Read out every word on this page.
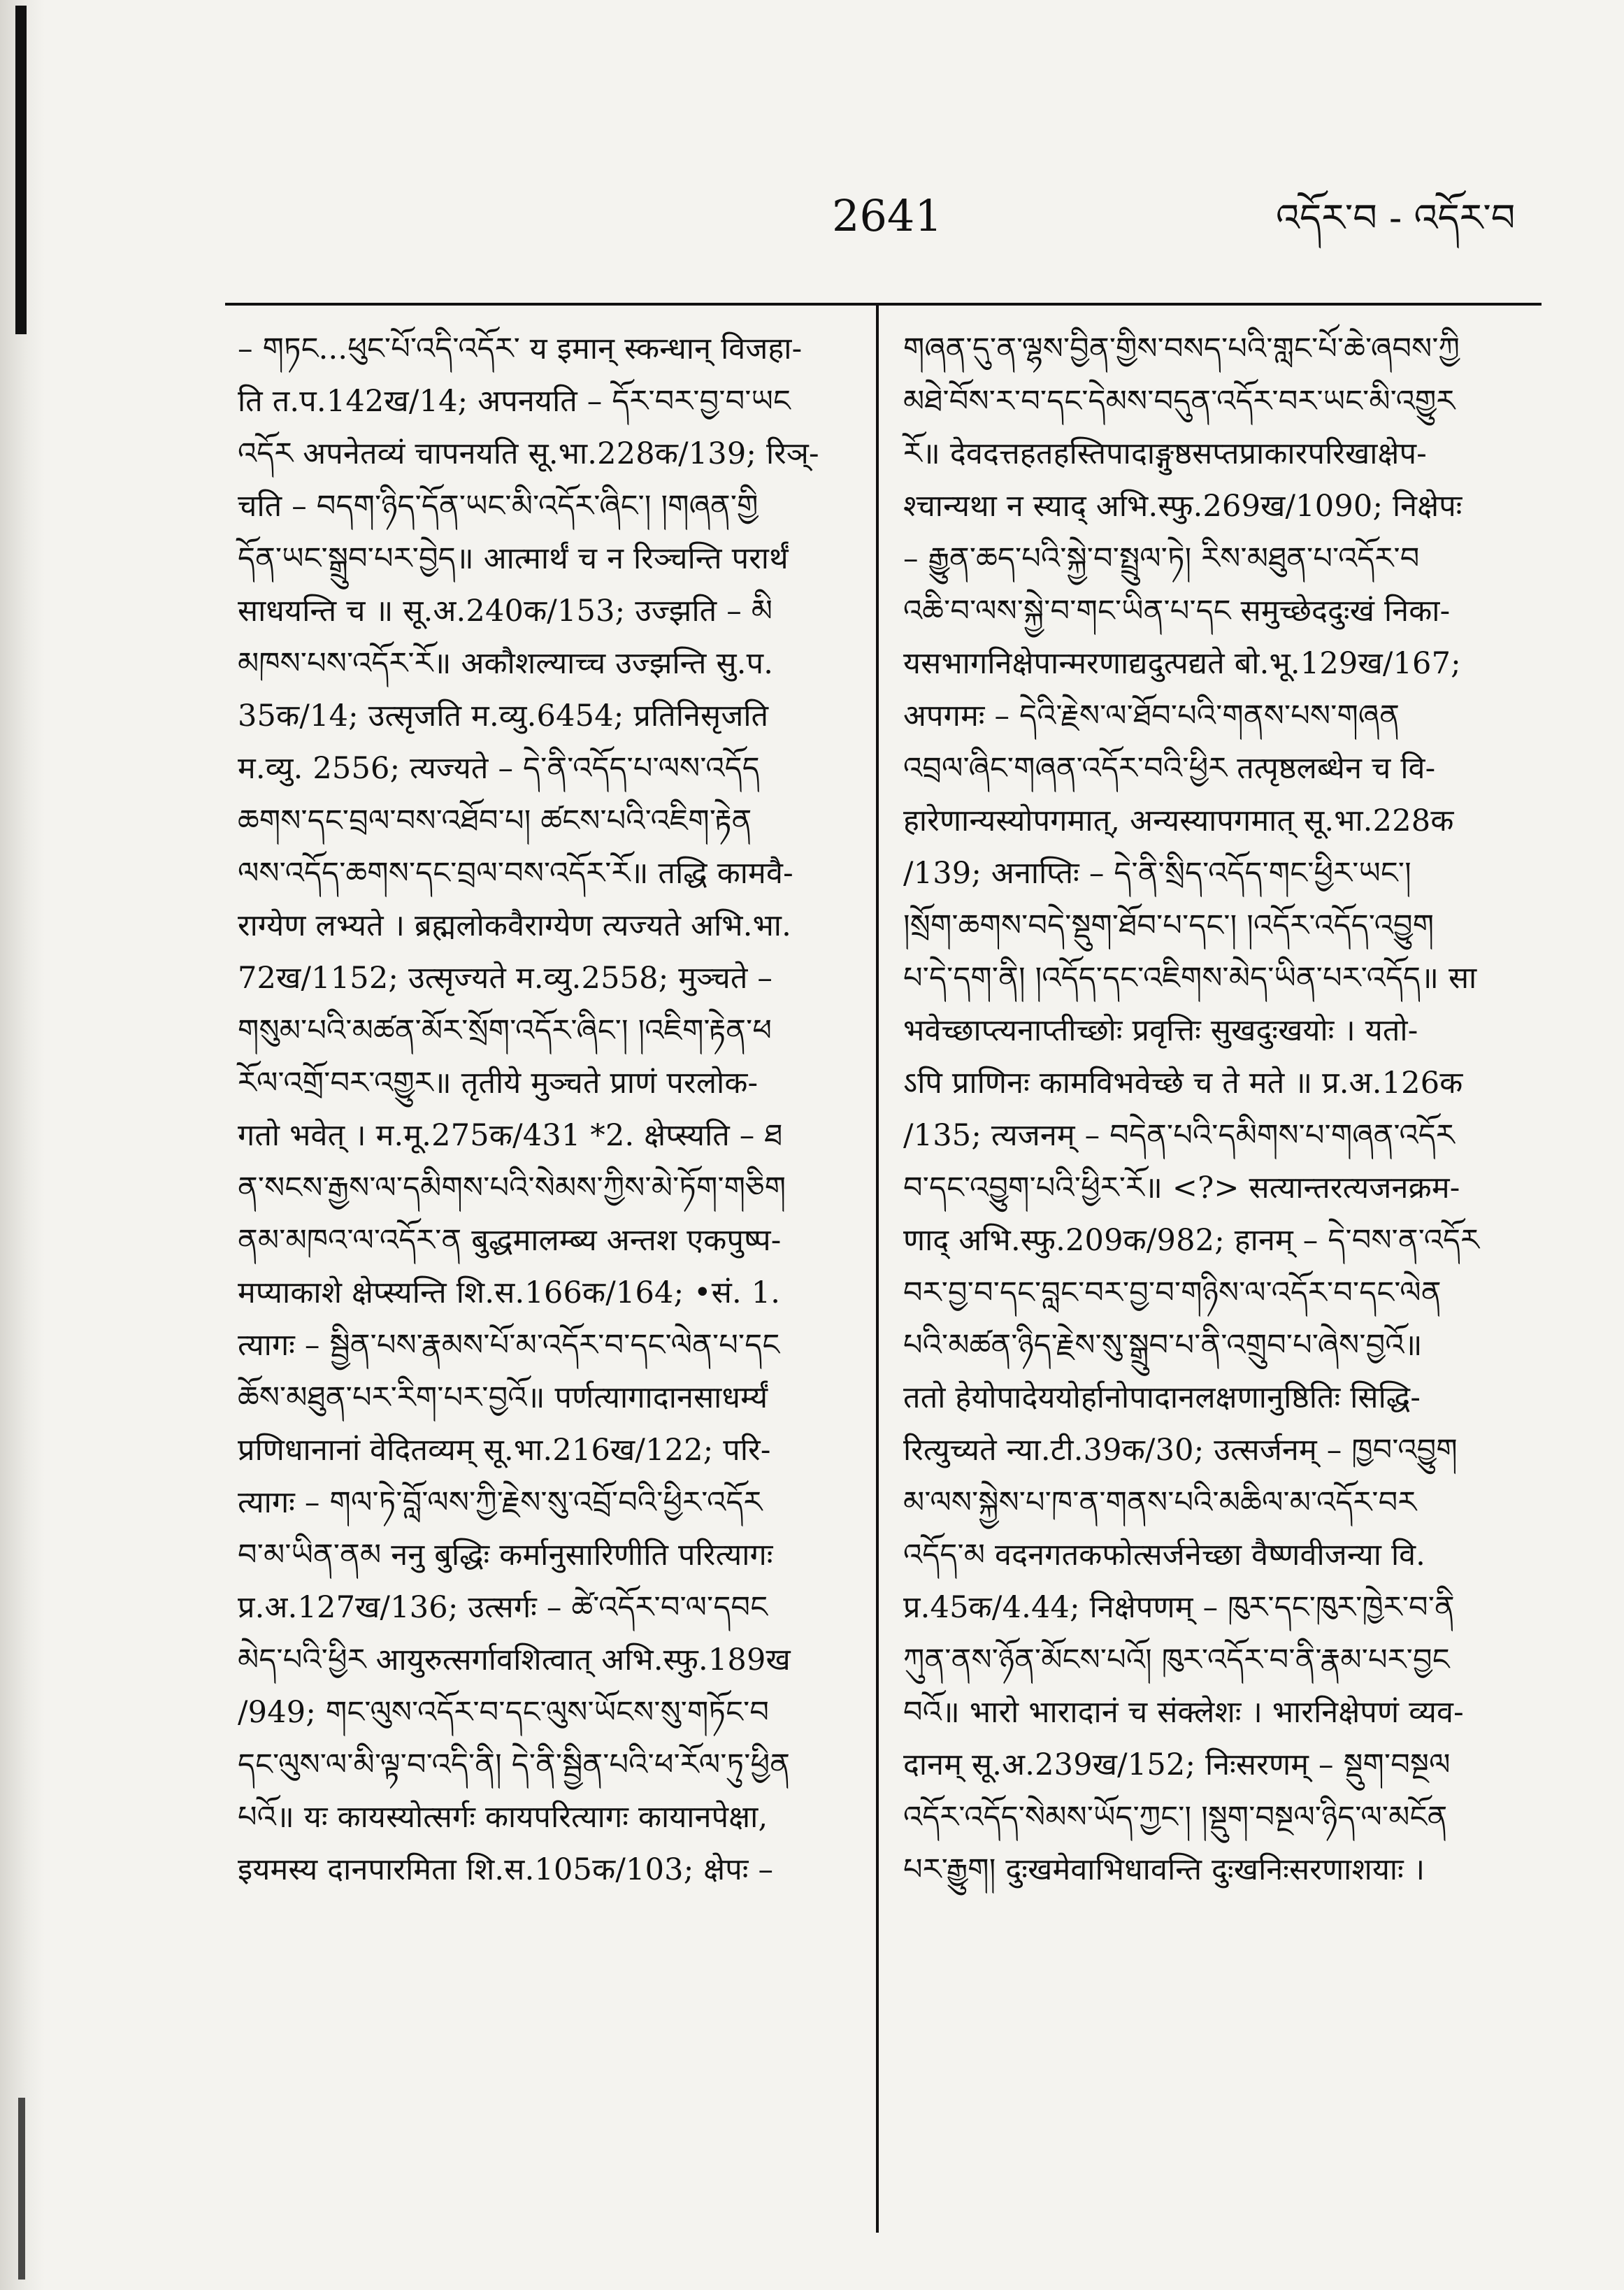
2641	འདོར་བ - འདོར་བ
– གཏང...ཕུང་པོ་འདི་འདོར་ ‍य इमान् स्कन्धान् विजहा-
ति त.प.142ख/14; अपनयति – དོར་བར་བྱ་བ་ཡང
འདོར अपनेतव्यं चापनयति सू.भा.228क/139; रिञ्-
चति – བདག་ཉིད་དོན་ཡང་མི་འདོར་ཞིང་། །གཞན་གྱི
དོན་ཡང་སྒྲུབ་པར་བྱེད॥ आत्मार्थं च न रिञ्चन्ति परार्थं
साधयन्ति च ॥ सू.अ.240क/153; उज्झति – མི
མཁས་པས་འདོར་རོ॥ अकौशल्याच्च उज्झन्ति सु.प.
35क/14; उत्सृजति म.व्यु.6454; प्रतिनिसृजति
म.व्यु. 2556; त्यज्यते – དེ་ནི་འདོད་པ་ལས་འདོད
ཆགས་དང་བྲལ་བས་འཐོབ་པ། ཚངས་པའི་འཇིག་རྟེན
ལས་འདོད་ཆགས་དང་བྲལ་བས་འདོར་རོ॥ तद्धि कामवै-
राग्येण लभ्यते । ब्रह्मलोकवैराग्येण त्यज्यते अभि.भा.
72ख/1152; उत्सृज्यते म.व्यु.2558; मुञ्चते –
གསུམ་པའི་མཚན་མོར་སྲོག་འདོར་ཞིང་། །འཇིག་རྟེན་ཕ
རོལ་འགྲོ་བར་འགྱུར॥ तृतीये मुञ्चते प्राणं परलोक-
गतो भवेत् । म.मू.275क/431 *2. क्षेप्स्यति – ཐ
ན་སངས་རྒྱས་ལ་དམིགས་པའི་སེམས་ཀྱིས་མེ་ཏོག་གཅིག
ནམ་མཁའ་ལ་འདོར་ན बुद्धमालम्ब्य अन्तश एकपुष्प-
मप्याकाशे क्षेप्स्यन्ति शि.स.166क/164; •सं. 1.
त्यागः – སྦྱིན་པས་རྣམས་པོ་མ་འདོར་བ་དང་ལེན་པ་དང
ཆོས་མཐུན་པར་རིག་པར་བྱའོ॥ पर्णत्यागादानसाधर्म्यं
प्रणिधानानां वेदितव्यम् सू.भा.216ख/122; परि-
त्यागः – གལ་ཏེ་བློ་ལས་ཀྱི་རྗེས་སུ་འབྲོ་བའི་ཕྱིར་འདོར
བ་མ་ཡིན་ནམ ननु बुद्धिः कर्मानुसारिणीति परित्यागः
प्र.अ.127ख/136; उत्सर्गः – ཚེ་འདོར་བ་ལ་དབང
མེད་པའི་ཕྱིར आयुरुत्सर्गावशित्वात् अभि.स्फु.189ख
/949; གང་ལུས་འདོར་བ་དང་ལུས་ཡོངས་སུ་གཏོང་བ
དང་ལུས་ལ་མི་ལྟ་བ་འདི་ནི། དེ་ནི་སྦྱིན་པའི་ཕ་རོལ་ཏུ་ཕྱིན
པའོ॥ यः कायस्योत्सर्गः कायपरित्यागः कायानपेक्षा,
इयमस्य दानपारमिता शि.स.105क/103; क्षेपः –
གཞན་དུ་ན་ལྷས་བྱིན་གྱིས་བསད་པའི་གླང་པོ་ཆེ་ཞབས་ཀྱི
མཐེ་བོས་ར་བ་དང་དེམས་བདུན་འདོར་བར་ཡང་མི་འགྱུར
རོ॥ देवदत्तहतहस्तिपादाङ्गुष्ठसप्तप्राकारपरिखाक्षेप-
श्चान्यथा न स्याद् अभि.स्फु.269ख/1090; निक्षेपः
– རྒྱུན་ཆད་པའི་སྐྱེ་བ་སྤྲུལ་ཏེ། རིས་མཐུན་པ་འདོར་བ
འཆི་བ་ལས་སྐྱེ་བ་གང་ཡིན་པ་དང समुच्छेददुःखं निका-
यसभागनिक्षेपान्मरणाद्यदुत्पद्यते बो.भू.129ख/167;
अपगमः – དེའི་རྗེས་ལ་ཐོབ་པའི་གནས་པས་གཞན
འབྲལ་ཞིང་གཞན་འདོར་བའི་ཕྱིར तत्पृष्ठलब्धेन च वि-
हारेणान्यस्योपगमात्, अन्यस्यापगमात् सू.भा.228क
/139; अनाप्तिः – དེ་ནི་སྲིད་འདོད་གང་ཕྱིར་ཡང་།
།སྲོག་ཆགས་བདེ་སྡུག་ཐོབ་པ་དང་། །འདོར་འདོད་འབྱུག
པ་དེ་དག་ནི། །འདོད་དང་འཇིགས་མེད་ཡིན་པར་འདོད॥ सा
भवेच्छाप्त्यनाप्तीच्छोः प्रवृत्तिः सुखदुःखयोः । यतो-
ऽपि प्राणिनः कामविभवेच्छे च ते मते ॥ प्र.अ.126क
/135; त्यजनम् – བདེན་པའི་དམིགས་པ་གཞན་འདོར
བ་དང་འབྱུག་པའི་ཕྱིར་རོ॥ <?> सत्यान्तरत्यजनक्रम-
णाद् अभि.स्फु.209क/982; हानम् – དེ་བས་ན་འདོར
བར་བྱ་བ་དང་བླང་བར་བྱ་བ་གཉིས་ལ་འདོར་བ་དང་ལེན
པའི་མཚན་ཉིད་རྗེས་སུ་སྒྲུབ་པ་ནི་འགྲུབ་པ་ཞེས་བྱའོ॥
ततो हेयोपादेययोर्हानोपादानलक्षणानुष्ठितिः सिद्धि-
रित्युच्यते न्या.टी.39क/30; उत्सर्जनम् – ཁྱབ་འབྱུག
མ་ལས་སྐྱེས་པ་ཁ་ན་གནས་པའི་མཆིལ་མ་འདོར་བར
འདོད་མ वदनगतकफोत्सर्जनेच्छा वैष्णवीजन्या वि.
प्र.45क/4.44; निक्षेपणम् – ཁུར་དང་ཁུར་ཁྱེར་བ་ནི
ཀུན་ནས་ཉོན་མོངས་པའོ། ཁུར་འདོར་བ་ནི་རྣམ་པར་བྱང
བའོ॥ भारो भारादानं च संक्लेशः । भारनिक्षेपणं व्यव-
दानम् सू.अ.239ख/152; निःसरणम् – སྡུག་བསྔལ
འདོར་འདོད་སེམས་ཡོད་ཀྱང་། །སྡུག་བསྔལ་ཉིད་ལ་མངོན
པར་རྒྱུག། दुःखमेवाभिधावन्ति दुःखनिःसरणाशयाः ।
